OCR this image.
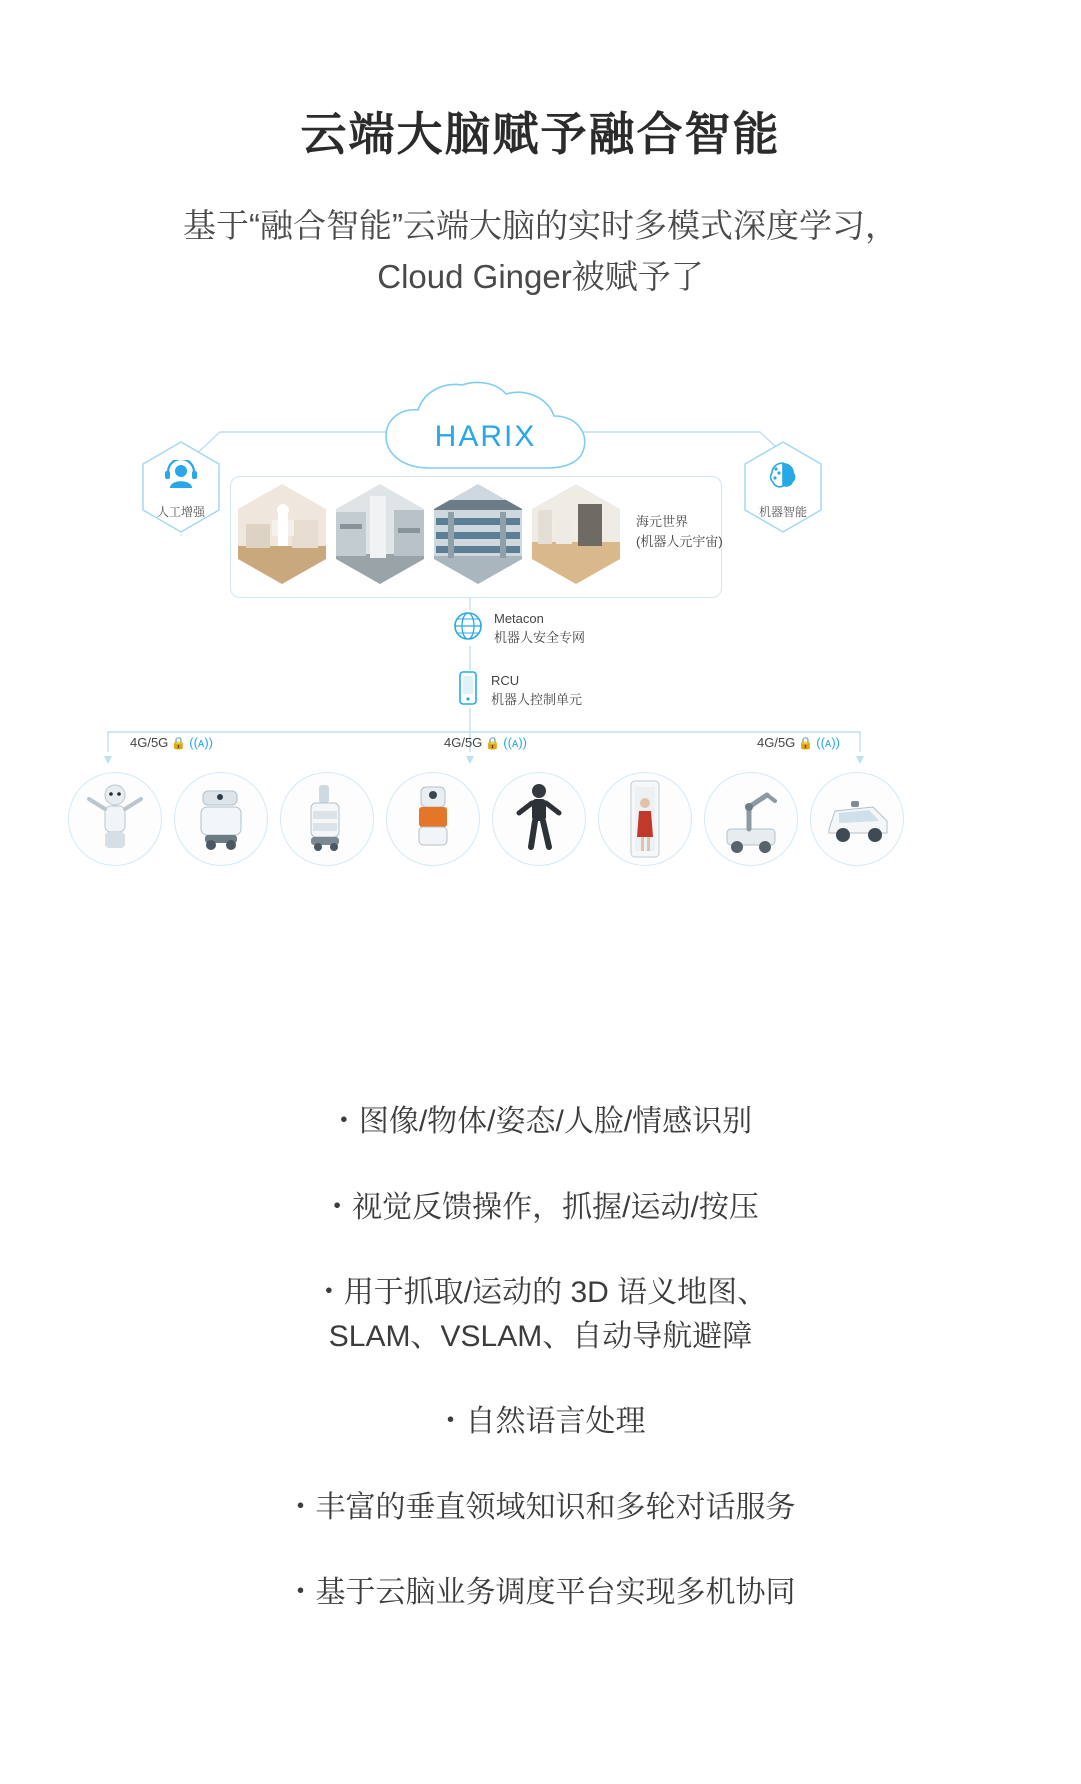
云端大脑赋予融合智能
基于“融合智能”云端大脑的实时多模式深度学习，
Cloud Ginger被赋予了
HARIX
人工增强	机器智能
海元世界
(机器人元宇宙)
Metacon
机器人安全专网
RCU
机器人控制单元
4G/5G 🔒 ((ᴀ))	4G/5G 🔒 ((ᴀ))	4G/5G 🔒 ((ᴀ))
・图像/物体/姿态/人脸/情感识别
・视觉反馈操作，抓握/运动/按压
・用于抓取/运动的 3D 语义地图、
SLAM、VSLAM、自动导航避障
・自然语言处理
・丰富的垂直领域知识和多轮对话服务
・基于云脑业务调度平台实现多机协同
